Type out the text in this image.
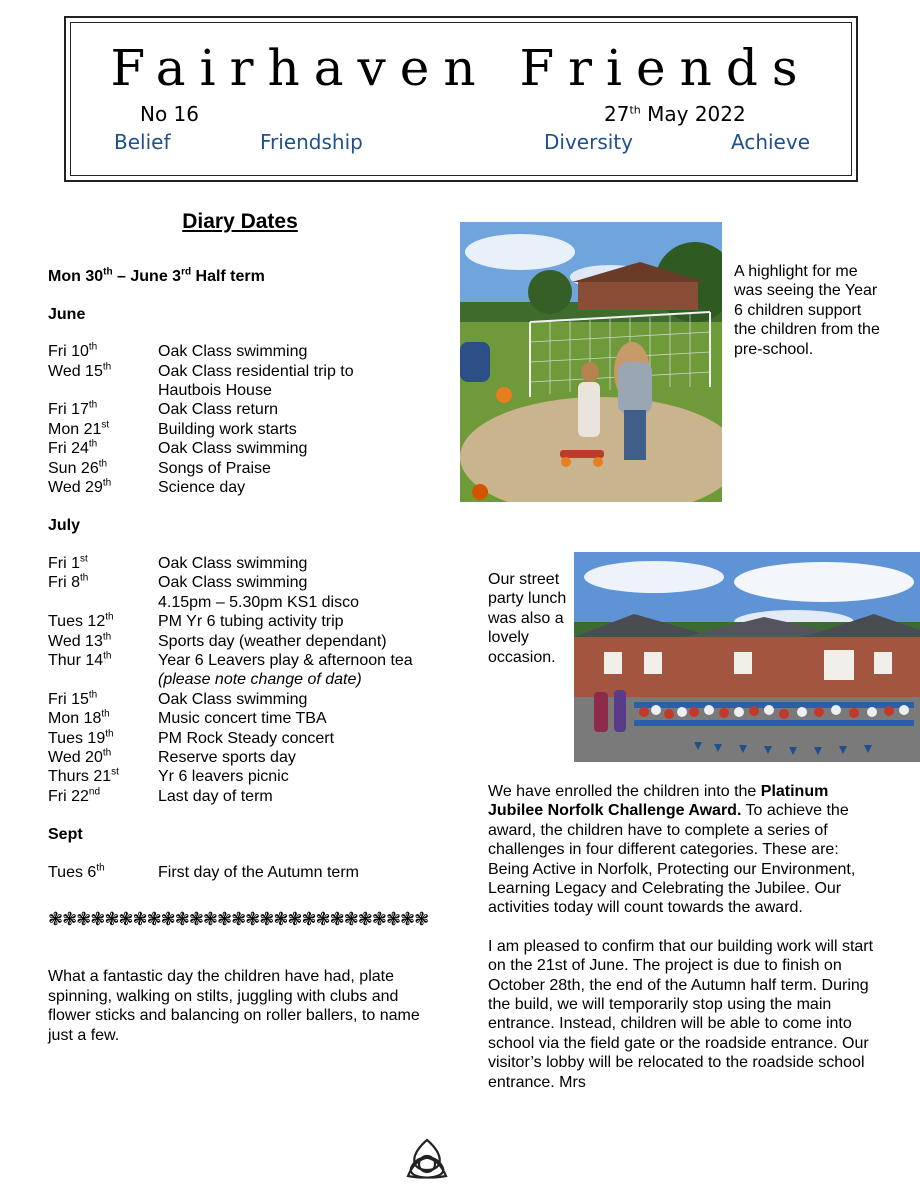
Fairhaven Friends
No 16	27th May 2022
Belief	Friendship	Diversity	Achieve
Diary Dates
Mon 30th – June 3rd Half term
June
Fri 10th	Oak Class swimming
Wed 15th	Oak Class residential trip to
Hautbois House
Fri 17th	Oak Class return
Mon 21st	Building work starts
Fri 24th	Oak Class swimming
Sun 26th	Songs of Praise
Wed 29th	Science day
July
Fri 1st	Oak Class swimming
Fri 8th	Oak Class swimming
4.15pm – 5.30pm KS1 disco
Tues 12th	PM Yr 6 tubing activity trip
Wed 13th	Sports day (weather dependant)
Thur 14th	Year 6 Leavers play & afternoon tea
(please note change of date)
Fri 15th	Oak Class swimming
Mon 18th	Music concert time TBA
Tues 19th	PM Rock Steady concert
Wed 20th	Reserve sports day
Thurs 21st	Yr 6 leavers picnic
Fri 22nd	Last day of term
Sept
Tues 6th	First day of the Autumn term
❃❃❃❃❃❃❃❃❃❃❃❃❃❃❃❃❃❃❃❃❃❃❃❃❃❃❃
What a fantastic day the children have had, plate spinning, walking on stilts, juggling with clubs and flower sticks and balancing on roller ballers, to name just a few.
A highlight for me was seeing the Year 6 children support the children from the pre-school.
Our street party lunch was also a lovely occasion.

We have enrolled the children into the Platinum Jubilee Norfolk Challenge Award. To achieve the award, the children have to complete a series of challenges in four different categories. These are: Being Active in Norfolk, Protecting our Environment, Learning Legacy and Celebrating the Jubilee. Our activities today will count towards the award.

I am pleased to confirm that our building work will start on the 21st of June. The project is due to finish on October 28th, the end of the Autumn half term. During the build, we will temporarily stop using the main entrance. Instead, children will be able to come into school via the field gate or the roadside entrance. Our visitor’s lobby will be relocated to the roadside school entrance. Mrs
